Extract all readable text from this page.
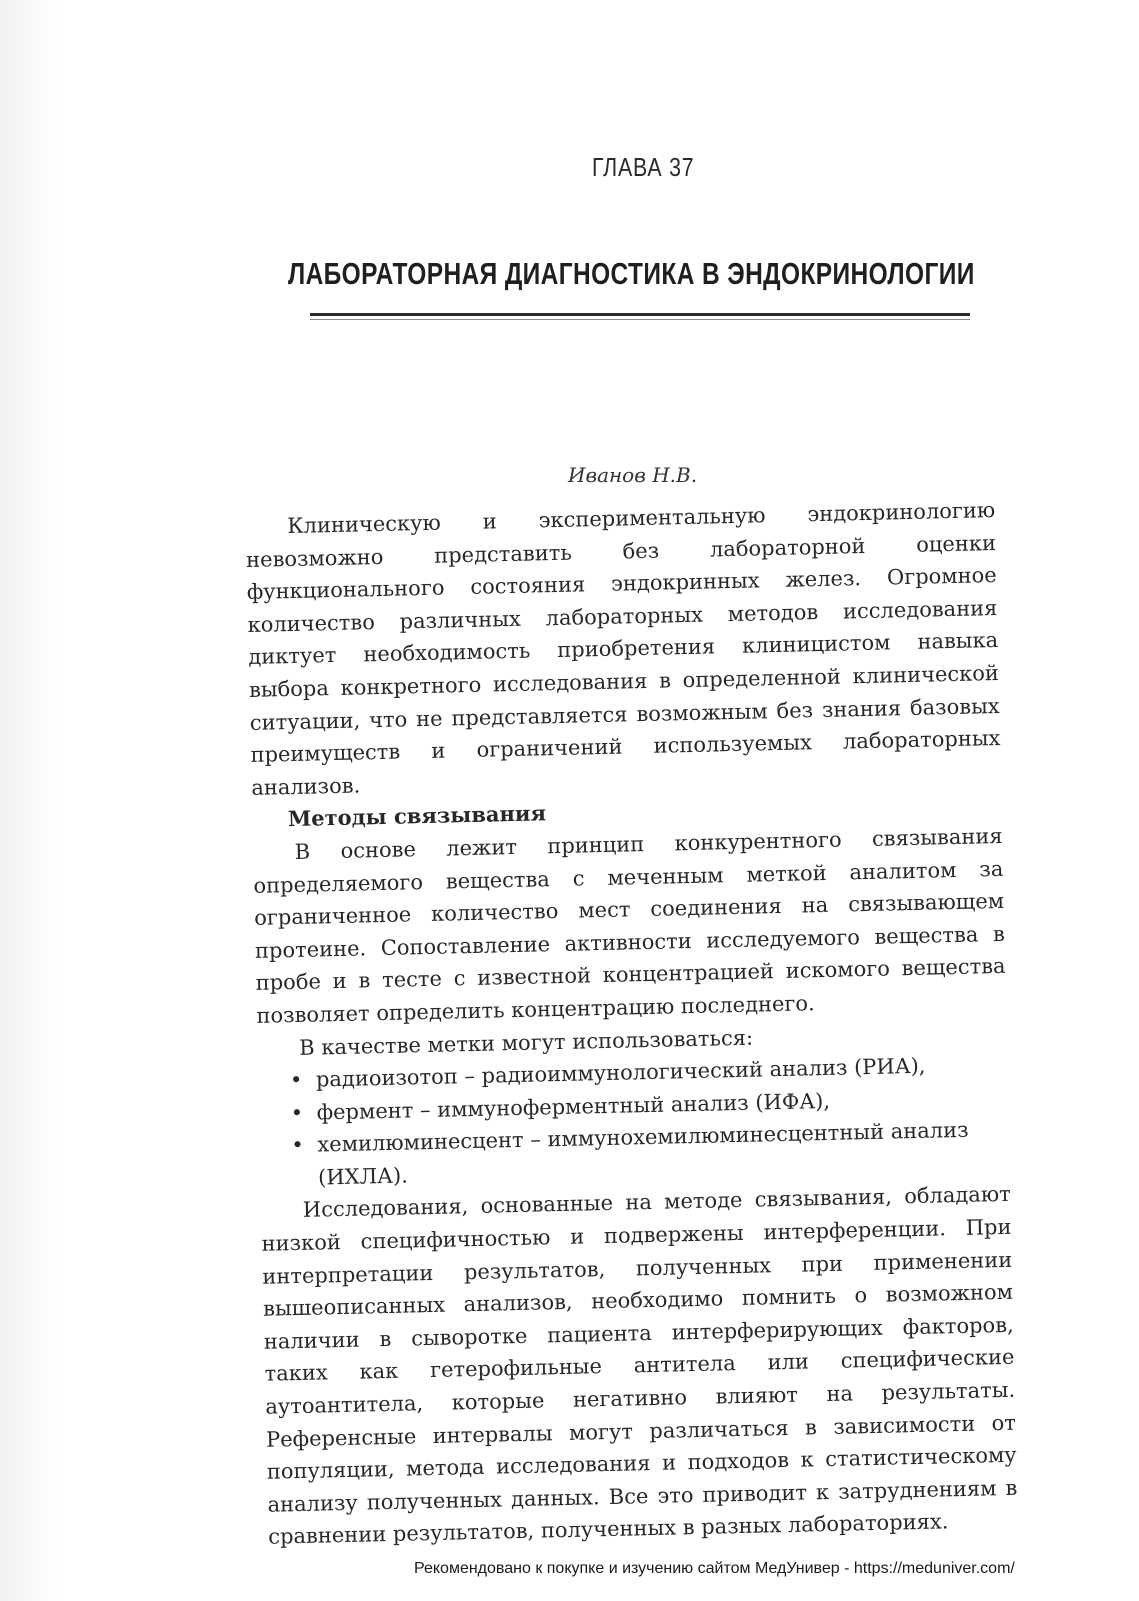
ГЛАВА 37
ЛАБОРАТОРНАЯ ДИАГНОСТИКА В ЭНДОКРИНОЛОГИИ
Иванов Н.В.

Клиническую и экспериментальную эндокринологию невозможно представить без лабораторной оценки функционального состояния эндокринных желез. Огромное количество различных лабораторных методов исследования диктует необходимость приобретения клиницистом навыка выбора конкретного исследования в определенной клинической ситуации, что не представляется возможным без знания базовых преимуществ и ограничений используемых лабораторных анализов.

Методы связывания

В основе лежит принцип конкурентного связывания определяемого вещества с меченным меткой аналитом за ограниченное количество мест соединения на связывающем протеине. Сопоставление активности исследуемого вещества в пробе и в тесте с известной концентрацией искомого вещества позволяет определить концентрацию последнего.

В качестве метки могут использоваться:

• радиоизотоп – радиоиммунологический анализ (РИА),
• фермент – иммуноферментный анализ (ИФА),
• хемилюминесцент – иммунохемилюминесцентный анализ (ИХЛА).

Исследования, основанные на методе связывания, обладают низкой специфичностью и подвержены интерференции. При интерпретации результатов, полученных при применении вышеописанных анализов, необходимо помнить о возможном наличии в сыворотке пациента интерферирующих факторов, таких как гетерофильные антитела или специфические аутоантитела, которые негативно влияют на результаты. Референсные интервалы могут различаться в зависимости от популяции, метода исследования и подходов к статистическому анализу полученных данных. Все это приводит к затруднениям в сравнении результатов, полученных в разных лабораториях.

Рекомендовано к покупке и изучению сайтом МедУнивер - https://meduniver.com/
